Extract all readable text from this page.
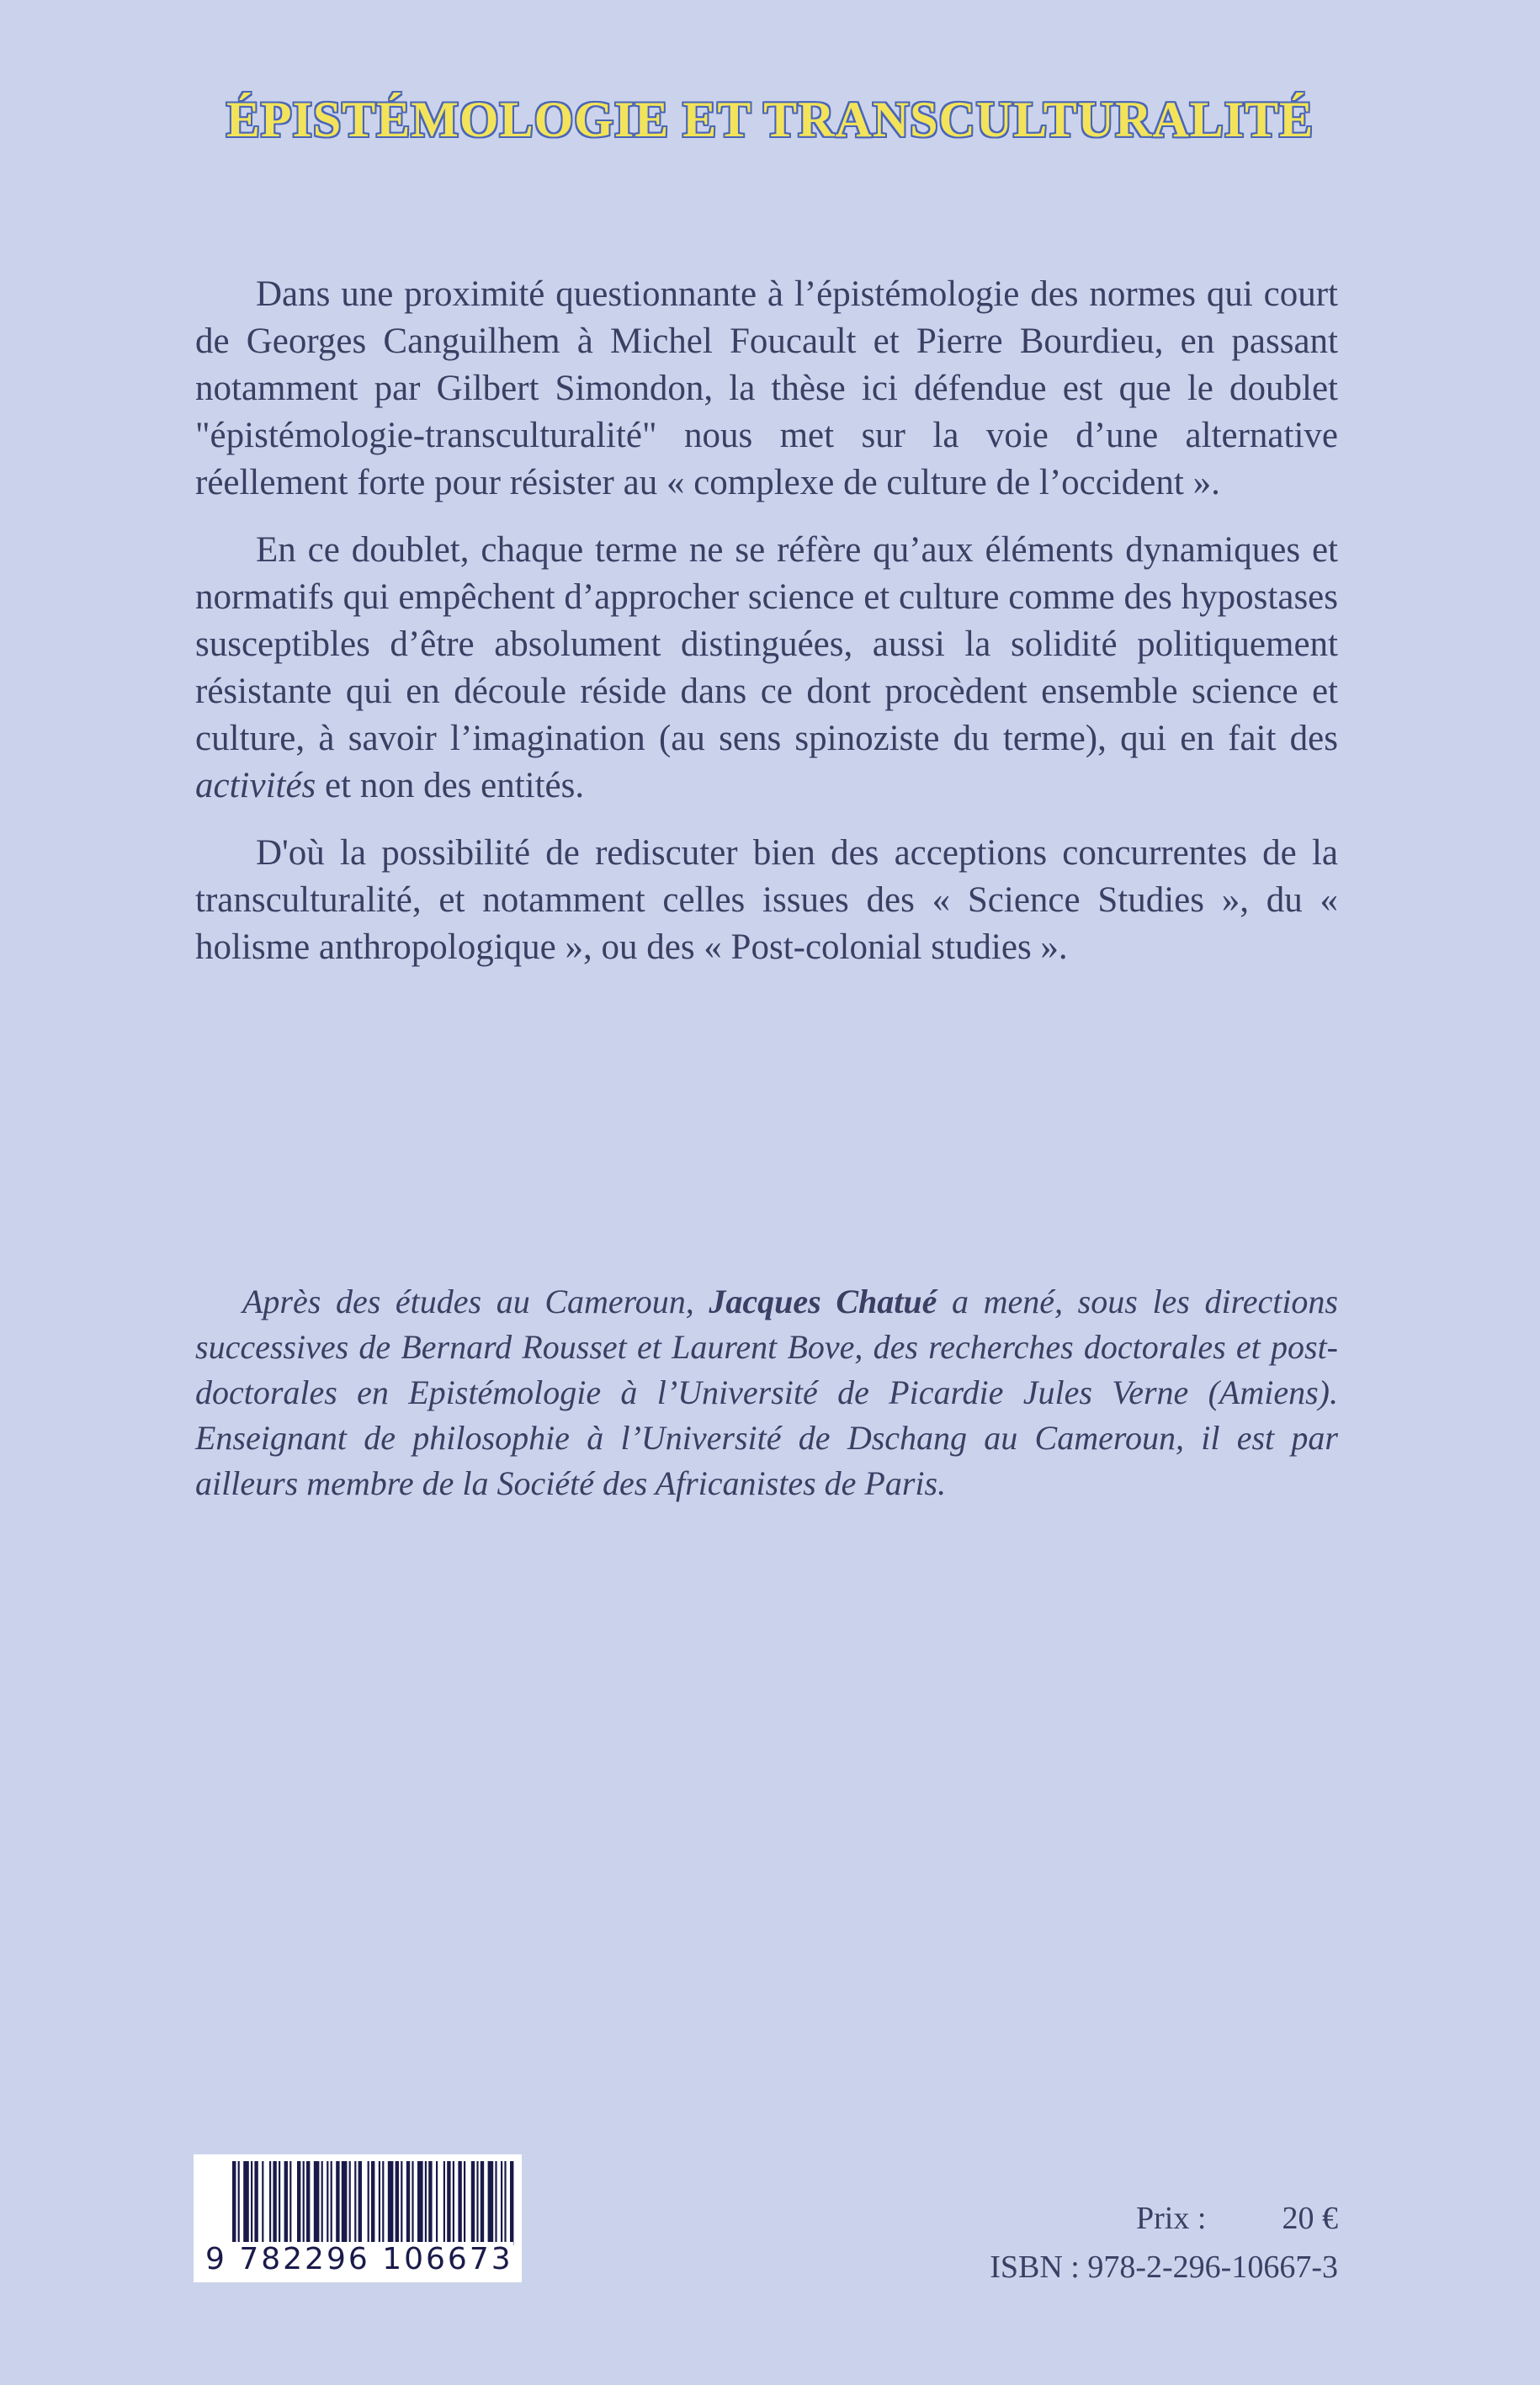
ÉPISTÉMOLOGIE ET TRANSCULTURALITÉ

Dans une proximité questionnante à l’épistémologie des normes qui court de Georges Canguilhem à Michel Foucault et Pierre Bourdieu, en passant notamment par Gilbert Simondon, la thèse ici défendue est que le doublet "épistémologie-transculturalité" nous met sur la voie d’une alternative réellement forte pour résister au « complexe de culture de l’occident ».

En ce doublet, chaque terme ne se réfère qu’aux éléments dynamiques et normatifs qui empêchent d’approcher science et culture comme des hypostases susceptibles d’être absolument distinguées, aussi la solidité politiquement résistante qui en découle réside dans ce dont procèdent ensemble science et culture, à savoir l’imagination (au sens spinoziste du terme), qui en fait des activités et non des entités.

D'où la possibilité de rediscuter bien des acceptions concurrentes de la transculturalité, et notamment celles issues des « Science Studies », du « holisme anthropologique », ou des « Post-colonial studies ».

Après des études au Cameroun, Jacques Chatué a mené, sous les directions successives de Bernard Rousset et Laurent Bove, des recherches doctorales et post-doctorales en Epistémologie à l’Université de Picardie Jules Verne (Amiens). Enseignant de philosophie à l’Université de Dschang au Cameroun, il est par ailleurs membre de la Société des Africanistes de Paris.
9 782296 106673
Prix : 20 €
ISBN : 978-2-296-10667-3
